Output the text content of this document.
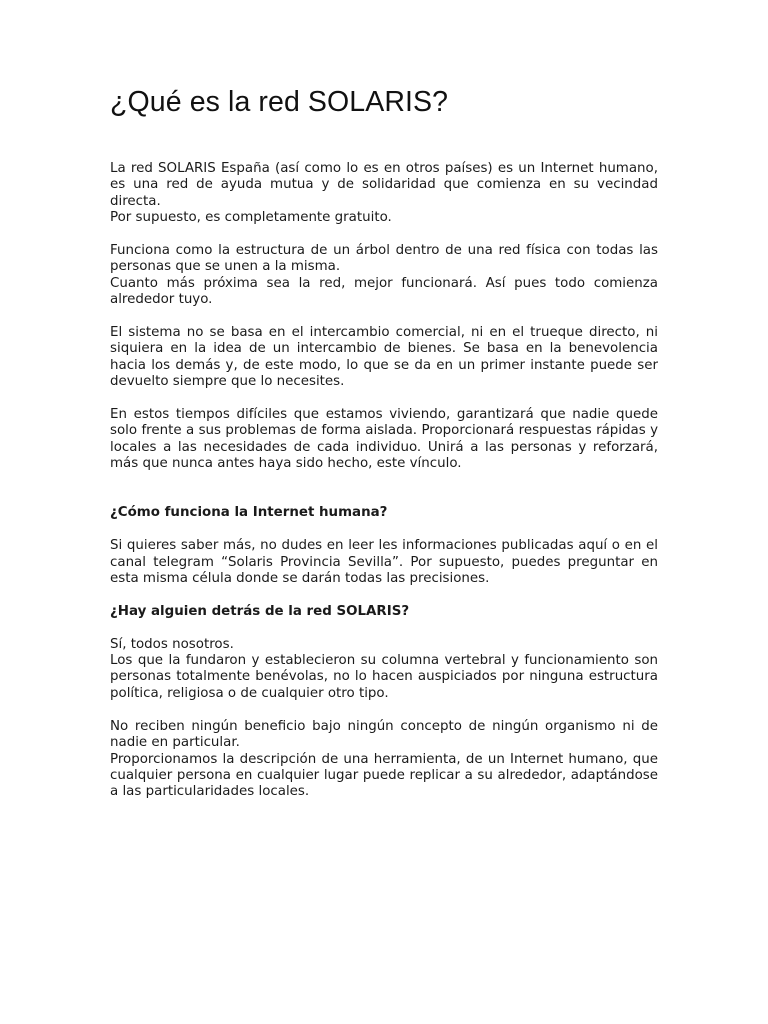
¿Qué es la red SOLARIS?
La red SOLARIS España (así como lo es en otros países) es un Internet humano, es una red de ayuda mutua y de solidaridad que comienza en su vecindad directa.
Por supuesto, es completamente gratuito.
Funciona como la estructura de un árbol dentro de una red física con todas las personas que se unen a la misma.
Cuanto más próxima sea la red, mejor funcionará. Así pues todo comienza alrededor tuyo.
El sistema no se basa en el intercambio comercial, ni en el trueque directo, ni siquiera en la idea de un intercambio de bienes. Se basa en la benevolencia hacia los demás y, de este modo, lo que se da en un primer instante puede ser devuelto siempre que lo necesites.
En estos tiempos difíciles que estamos viviendo, garantizará que nadie quede solo frente a sus problemas de forma aislada. Proporcionará respuestas rápidas y locales a las necesidades de cada individuo. Unirá a las personas y reforzará, más que nunca antes haya sido hecho, este vínculo.
¿Cómo funciona la Internet humana?
Si quieres saber más, no dudes en leer les informaciones publicadas aquí o en el canal telegram “Solaris Provincia Sevilla”. Por supuesto, puedes preguntar en esta misma célula donde se darán todas las precisiones.
¿Hay alguien detrás de la red SOLARIS?
Sí, todos nosotros.
Los que la fundaron y establecieron su columna vertebral y funcionamiento son personas totalmente benévolas, no lo hacen auspiciados por ninguna estructura política, religiosa o de cualquier otro tipo.
No reciben ningún beneficio bajo ningún concepto de ningún organismo ni de nadie en particular.
Proporcionamos la descripción de una herramienta, de un Internet humano, que cualquier persona en cualquier lugar puede replicar a su alrededor, adaptándose a las particularidades locales.
